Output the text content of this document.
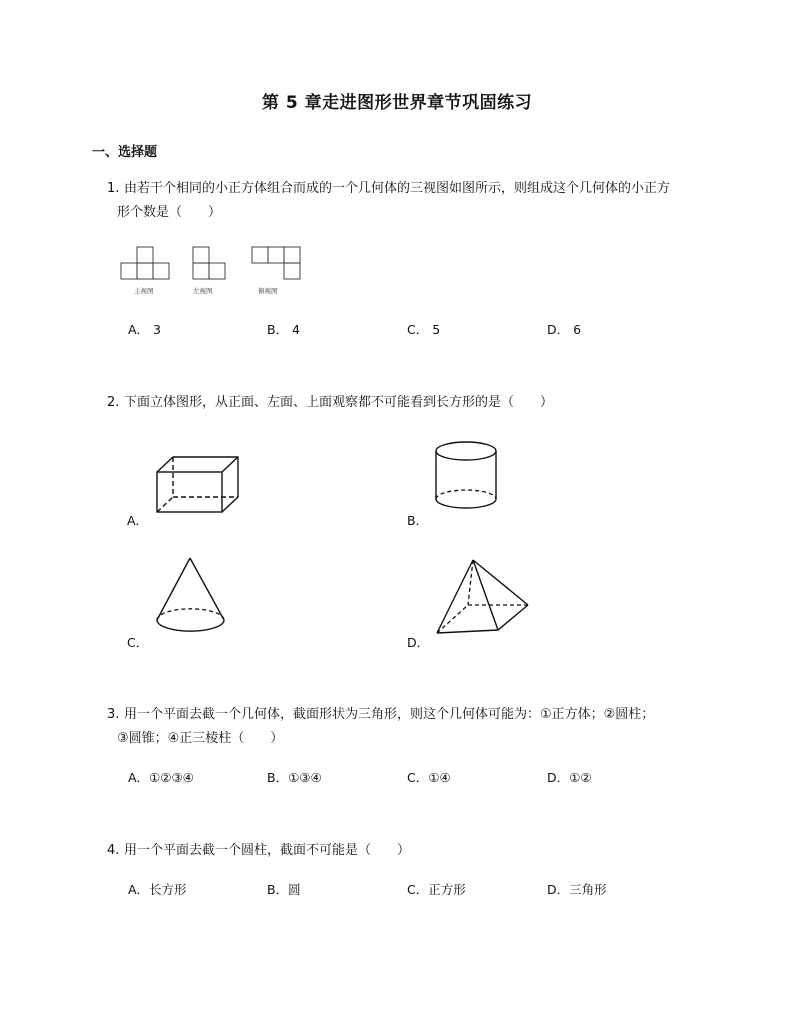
第 5 章走进图形世界章节巩固练习
一、选择题
1. 由若干个相同的小正方体组合而成的一个几何体的三视图如图所示，则组成这个几何体的小正方
形个数是（　　）
主视图	左视图	俯视图
A． 3	B． 4	C． 5	D． 6
2. 下面立体图形，从正面、左面、上面观察都不可能看到长方形的是（　　）
A．	B．
C．	D．
3. 用一个平面去截一个几何体，截面形状为三角形，则这个几何体可能为：①正方体；②圆柱；
③圆锥；④正三棱柱（　　）
A．①②③④	B．①③④	C．①④	D．①②
4. 用一个平面去截一个圆柱，截面不可能是（　　）
A．长方形	B．圆	C．正方形	D．三角形
